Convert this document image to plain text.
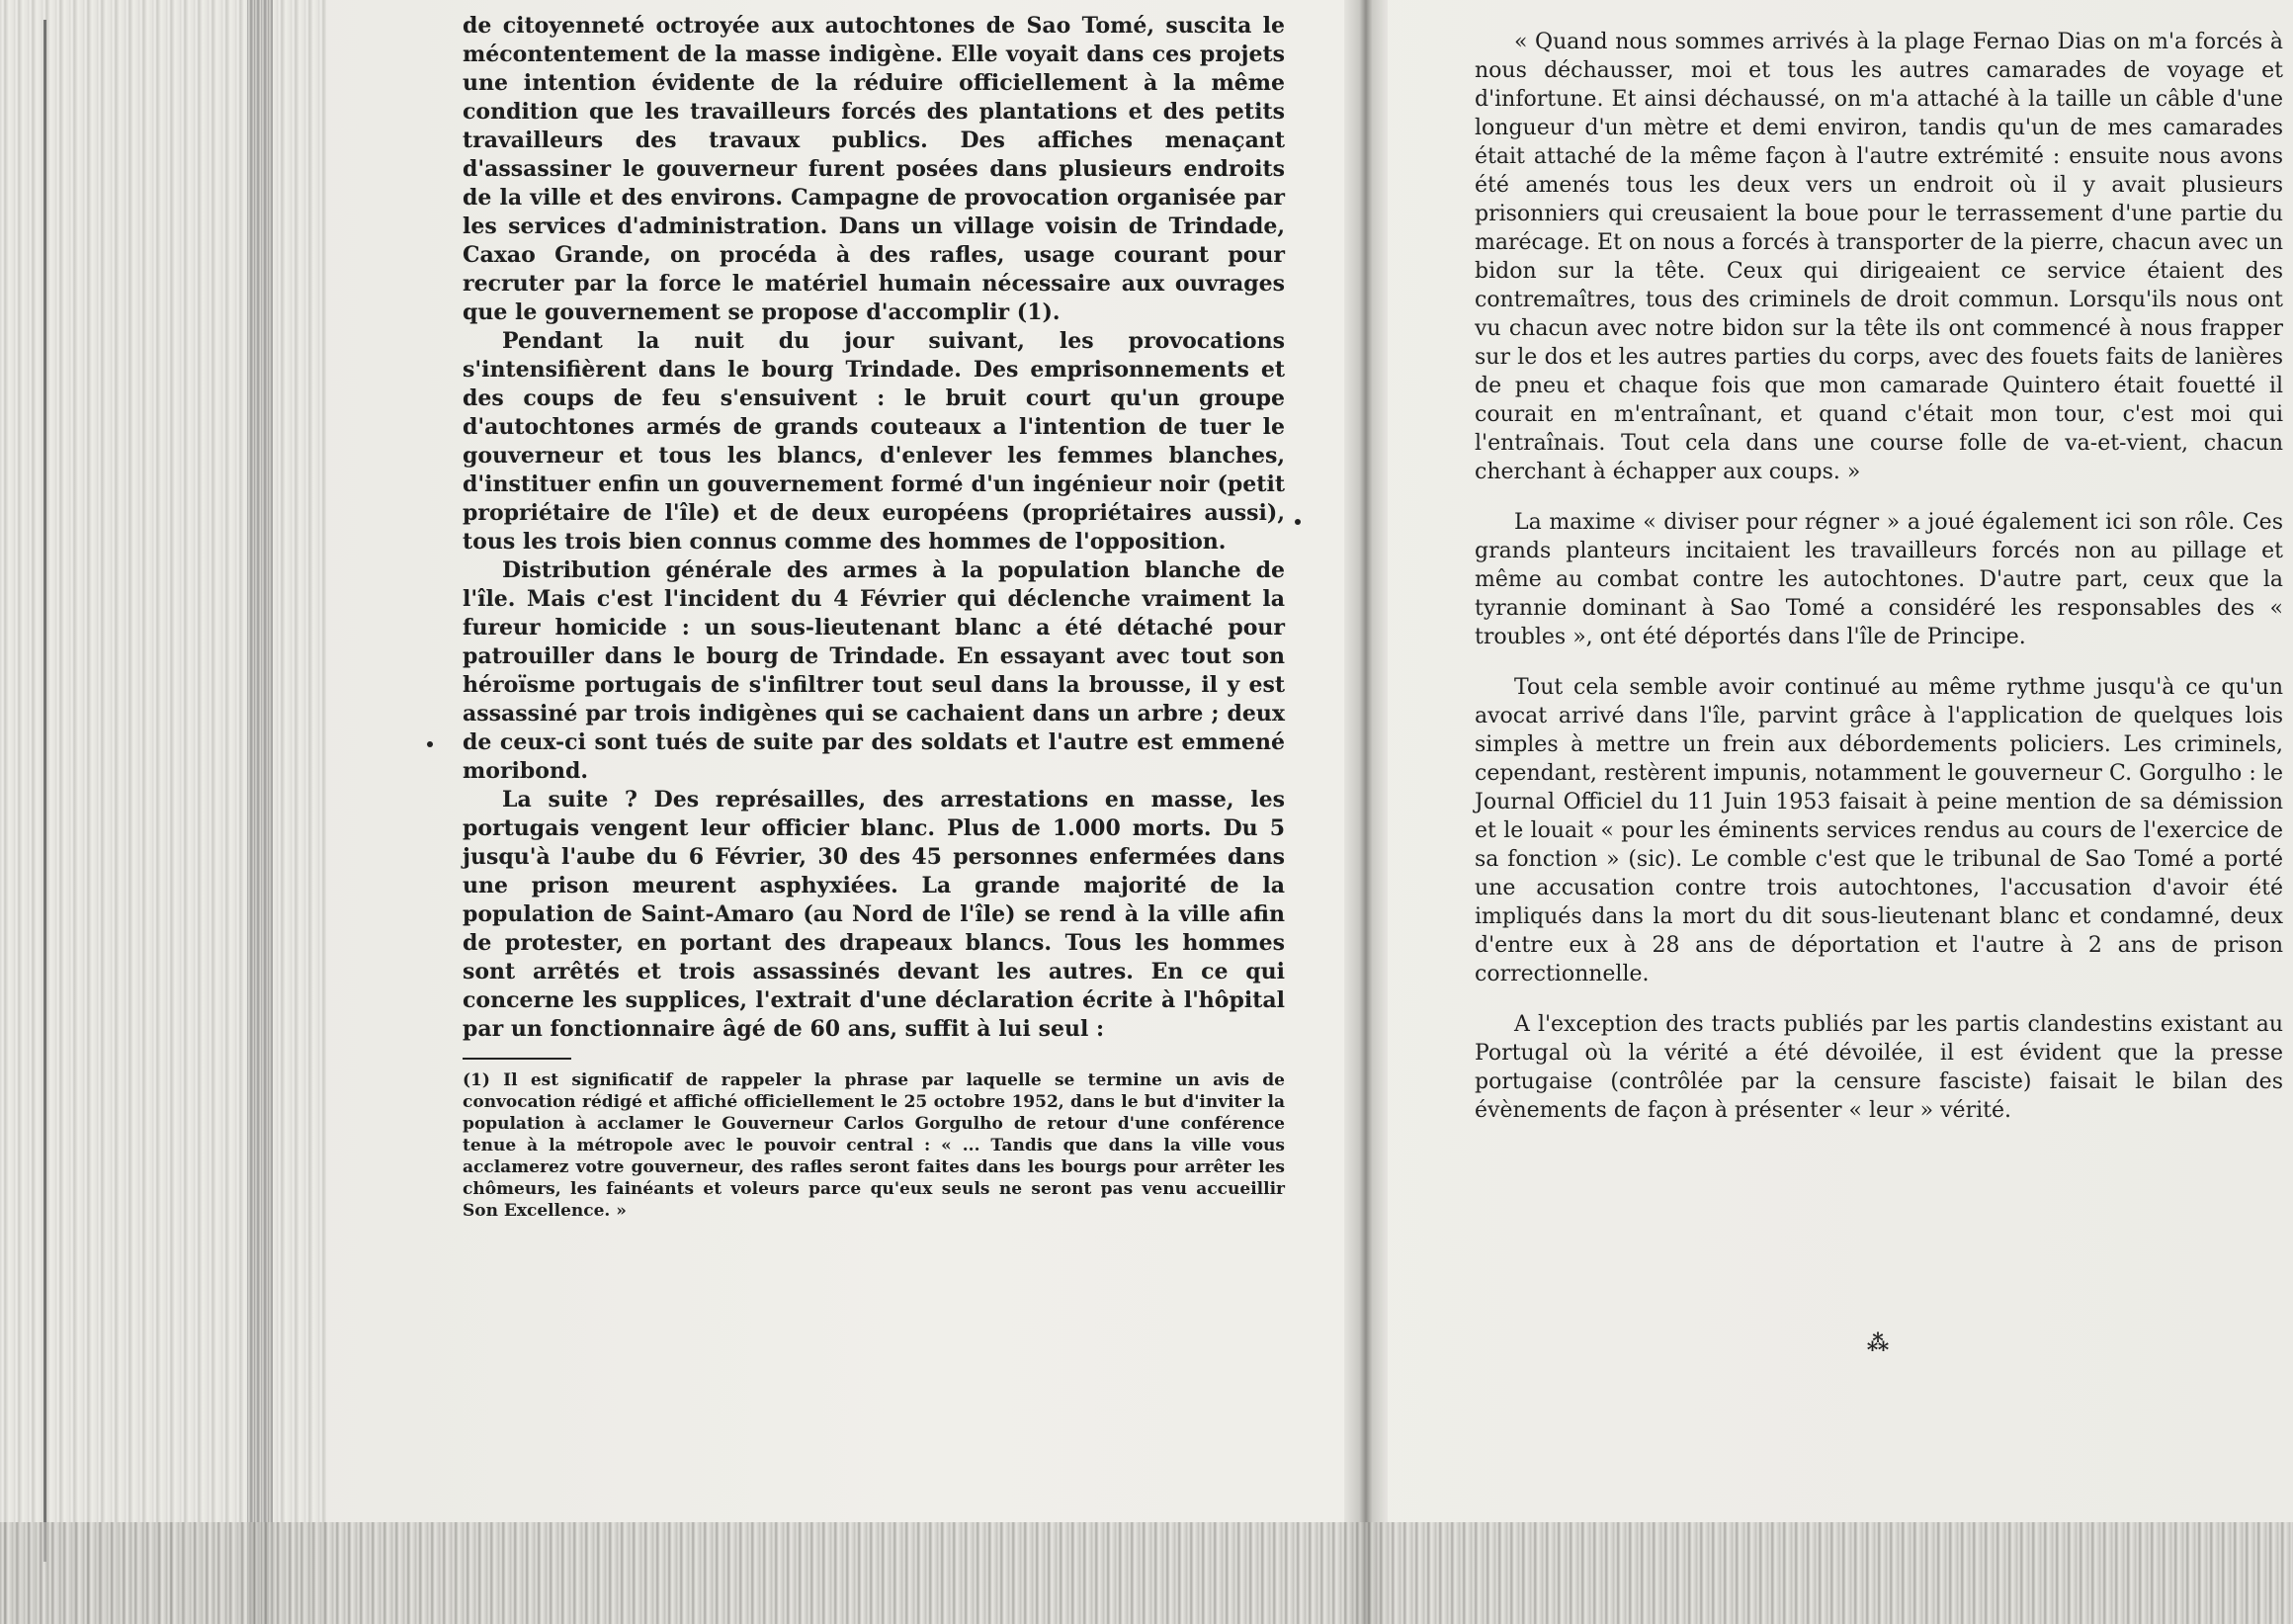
de citoyenneté octroyée aux autochtones de Sao Tomé, suscita le mécontentement de la masse indigène. Elle voyait dans ces projets une intention évidente de la réduire officiellement à la même condition que les travailleurs forcés des plantations et des petits travailleurs des travaux publics. Des affiches menaçant d'assassiner le gouverneur furent posées dans plusieurs endroits de la ville et des environs. Campagne de provocation organisée par les services d'administration. Dans un village voisin de Trindade, Caxao Grande, on procéda à des rafles, usage courant pour recruter par la force le matériel humain nécessaire aux ouvrages que le gouvernement se propose d'accomplir (1).

Pendant la nuit du jour suivant, les provocations s'intensifièrent dans le bourg Trindade. Des emprisonnements et des coups de feu s'ensuivent : le bruit court qu'un groupe d'autochtones armés de grands couteaux a l'intention de tuer le gouverneur et tous les blancs, d'enlever les femmes blanches, d'instituer enfin un gouvernement formé d'un ingénieur noir (petit propriétaire de l'île) et de deux européens (propriétaires aussi), tous les trois bien connus comme des hommes de l'opposition.

Distribution générale des armes à la population blanche de l'île. Mais c'est l'incident du 4 Février qui déclenche vraiment la fureur homicide : un sous-lieutenant blanc a été détaché pour patrouiller dans le bourg de Trindade. En essayant avec tout son héroïsme portugais de s'infiltrer tout seul dans la brousse, il y est assassiné par trois indigènes qui se cachaient dans un arbre ; deux de ceux-ci sont tués de suite par des soldats et l'autre est emmené moribond.

La suite ? Des représailles, des arrestations en masse, les portugais vengent leur officier blanc. Plus de 1.000 morts. Du 5 jusqu'à l'aube du 6 Février, 30 des 45 personnes enfermées dans une prison meurent asphyxiées. La grande majorité de la population de Saint-Amaro (au Nord de l'île) se rend à la ville afin de protester, en portant des drapeaux blancs. Tous les hommes sont arrêtés et trois assassinés devant les autres. En ce qui concerne les supplices, l'extrait d'une déclaration écrite à l'hôpital par un fonctionnaire âgé de 60 ans, suffit à lui seul :

(1) Il est significatif de rappeler la phrase par laquelle se termine un avis de convocation rédigé et affiché officiellement le 25 octobre 1952, dans le but d'inviter la population à acclamer le Gouverneur Carlos Gorgulho de retour d'une conférence tenue à la métropole avec le pouvoir central : « ... Tandis que dans la ville vous acclamerez votre gouverneur, des rafles seront faites dans les bourgs pour arrêter les chômeurs, les fainéants et voleurs parce qu'eux seuls ne seront pas venu accueillir Son Excellence. »

« Quand nous sommes arrivés à la plage Fernao Dias on m'a forcés à nous déchausser, moi et tous les autres camarades de voyage et d'infortune. Et ainsi déchaussé, on m'a attaché à la taille un câble d'une longueur d'un mètre et demi environ, tandis qu'un de mes camarades était attaché de la même façon à l'autre extrémité : ensuite nous avons été amenés tous les deux vers un endroit où il y avait plusieurs prisonniers qui creusaient la boue pour le terrassement d'une partie du marécage. Et on nous a forcés à transporter de la pierre, chacun avec un bidon sur la tête. Ceux qui dirigeaient ce service étaient des contremaîtres, tous des criminels de droit commun. Lorsqu'ils nous ont vu chacun avec notre bidon sur la tête ils ont commencé à nous frapper sur le dos et les autres parties du corps, avec des fouets faits de lanières de pneu et chaque fois que mon camarade Quintero était fouetté il courait en m'entraînant, et quand c'était mon tour, c'est moi qui l'entraînais. Tout cela dans une course folle de va-et-vient, chacun cherchant à échapper aux coups. »

La maxime « diviser pour régner » a joué également ici son rôle. Ces grands planteurs incitaient les travailleurs forcés non au pillage et même au combat contre les autochtones. D'autre part, ceux que la tyrannie dominant à Sao Tomé a considéré les responsables des « troubles », ont été déportés dans l'île de Principe.

Tout cela semble avoir continué au même rythme jusqu'à ce qu'un avocat arrivé dans l'île, parvint grâce à l'application de quelques lois simples à mettre un frein aux débordements policiers. Les criminels, cependant, restèrent impunis, notamment le gouverneur C. Gorgulho : le Journal Officiel du 11 Juin 1953 faisait à peine mention de sa démission et le louait « pour les éminents services rendus au cours de l'exercice de sa fonction » (sic). Le comble c'est que le tribunal de Sao Tomé a porté une accusation contre trois autochtones, l'accusation d'avoir été impliqués dans la mort du dit sous-lieutenant blanc et condamné, deux d'entre eux à 28 ans de déportation et l'autre à 2 ans de prison correctionnelle.

A l'exception des tracts publiés par les partis clandestins existant au Portugal où la vérité a été dévoilée, il est évident que la presse portugaise (contrôlée par la censure fasciste) faisait le bilan des évènements de façon à présenter « leur » vérité.

⁂
